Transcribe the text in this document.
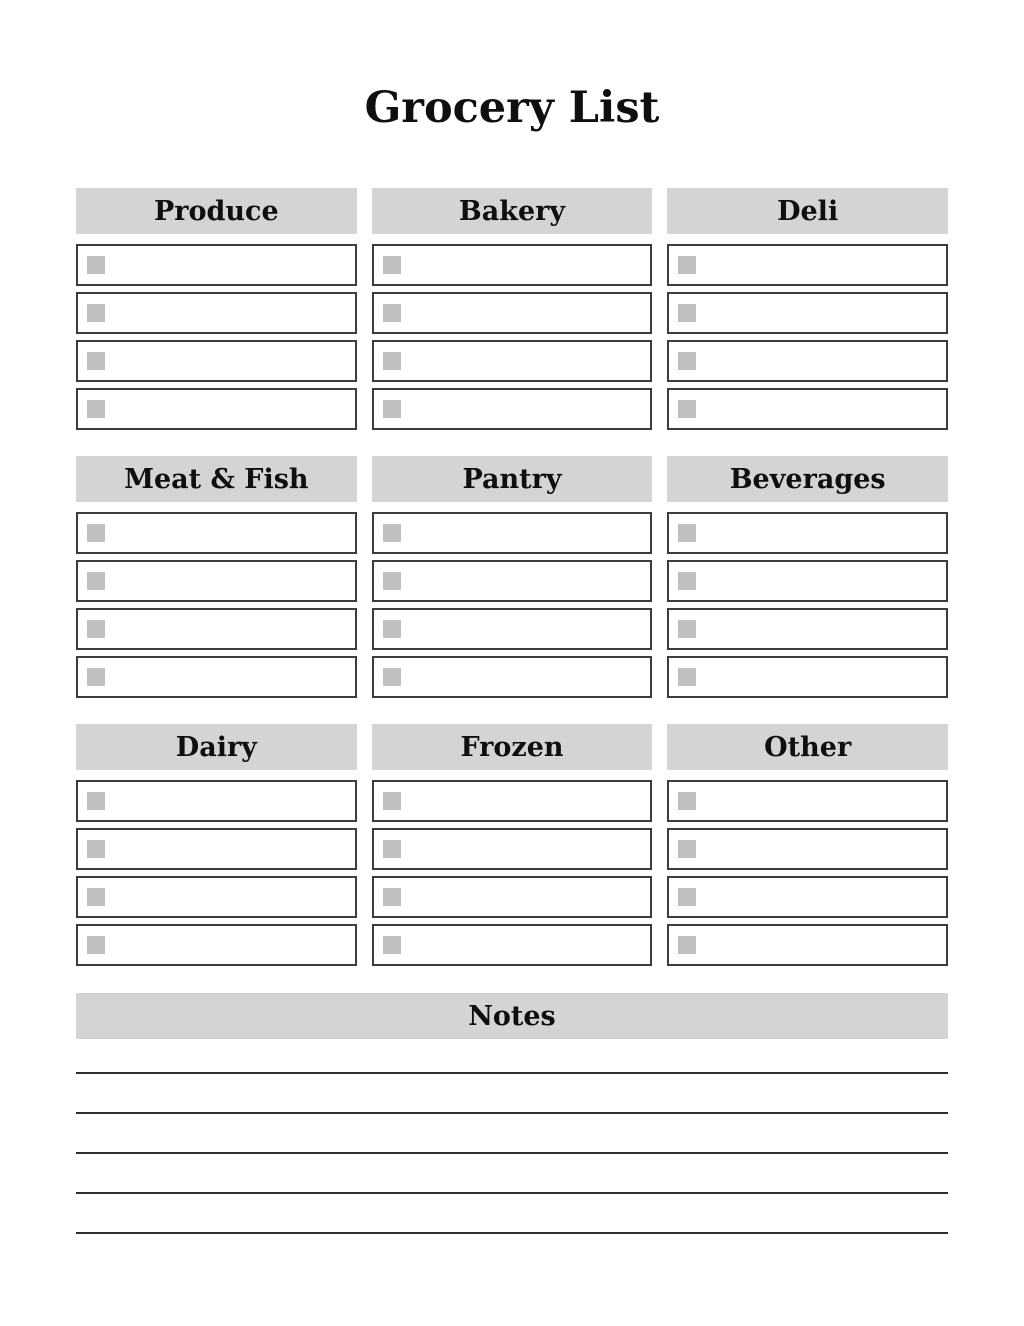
Grocery List
Produce	Bakery	Deli
Meat & Fish	Pantry	Beverages
Dairy	Frozen	Other
Notes
